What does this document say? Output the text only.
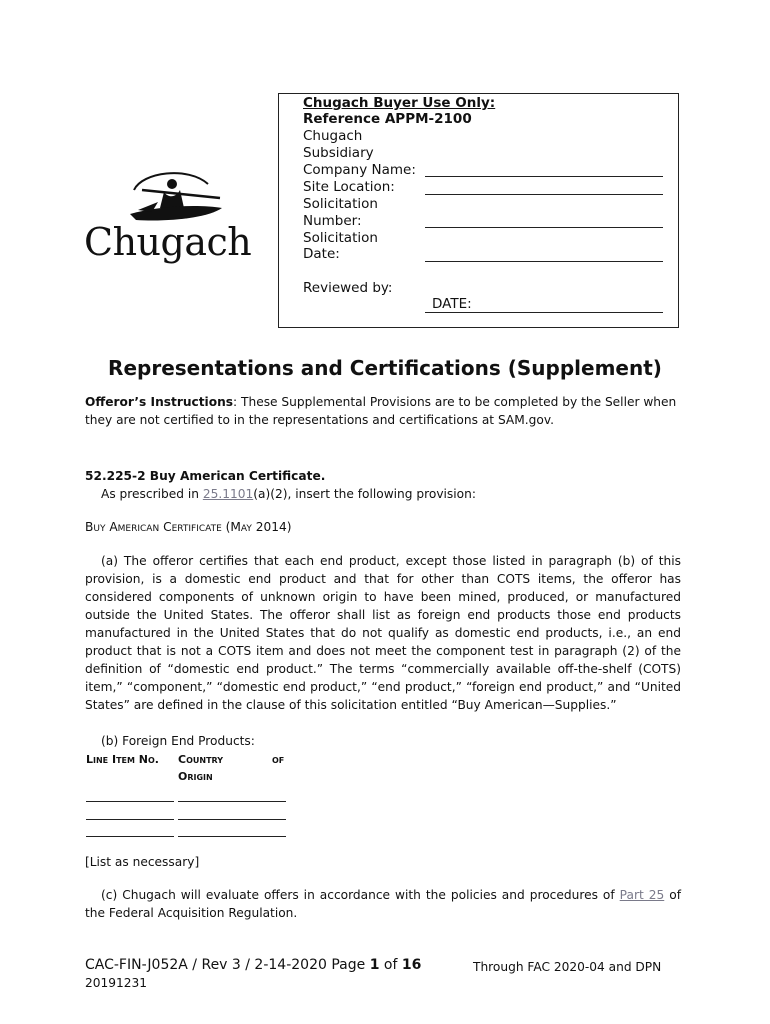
Chugach
Chugach Buyer Use Only:
Reference APPM-2100
Chugach
Subsidiary
Company Name:
Site Location:
Solicitation
Number:
Solicitation
Date:
Reviewed by:
DATE:
Representations and Certifications (Supplement)
Offeror’s Instructions: These Supplemental Provisions are to be completed by the Seller when they are not certified to in the representations and certifications at SAM.gov.
52.225-2 Buy American Certificate.
As prescribed in 25.1101(a)(2), insert the following provision:
Buy American Certificate (May 2014)
(a) The offeror certifies that each end product, except those listed in paragraph (b) of this provision, is a domestic end product and that for other than COTS items, the offeror has considered components of unknown origin to have been mined, produced, or manufactured outside the United States. The offeror shall list as foreign end products those end products manufactured in the United States that do not qualify as domestic end products, i.e., an end product that is not a COTS item and does not meet the component test in paragraph (2) of the definition of “domestic end product.” The terms “commercially available off-the-shelf (COTS) item,” “component,” “domestic end product,” “end product,” “foreign end product,” and “United States” are defined in the clause of this solicitation entitled “Buy American—Supplies.”
(b) Foreign End Products:
Line Item No. Country	of
Origin
[List as necessary]
(c) Chugach will evaluate offers in accordance with the policies and procedures of Part 25 of the Federal Acquisition Regulation.
CAC-FIN-J052A / Rev 3 / 2-14-2020 Page 1 of 16	Through FAC 2020-04 and DPN
20191231
